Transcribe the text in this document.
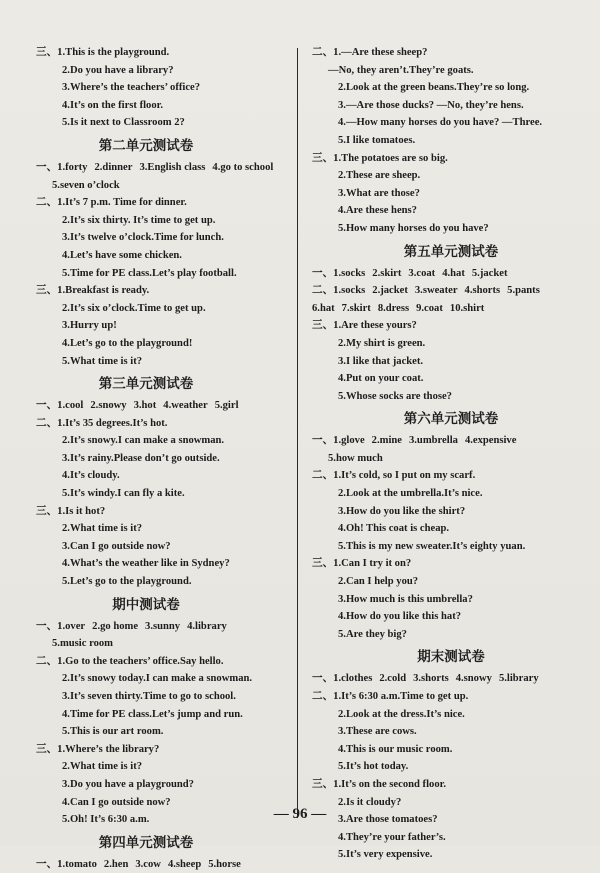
三、1.This is the playground.
2.Do you have a library?
3.Where’s the teachers’ office?
4.It’s on the first floor.
5.Is it next to Classroom 2?
第二单元测试卷
一、1.forty 2.dinner 3.English class 4.go to school
5.seven o’clock
二、1.It’s 7 p.m. Time for dinner.
2.It’s six thirty. It’s time to get up.
3.It’s twelve o’clock.Time for lunch.
4.Let’s have some chicken.
5.Time for PE class.Let’s play football.
三、1.Breakfast is ready.
2.It’s six o’clock.Time to get up.
3.Hurry up!
4.Let’s go to the playground!
5.What time is it?
第三单元测试卷
一、1.cool 2.snowy 3.hot 4.weather 5.girl
二、1.It’s 35 degrees.It’s hot.
2.It’s snowy.I can make a snowman.
3.It’s rainy.Please don’t go outside.
4.It’s cloudy.
5.It’s windy.I can fly a kite.
三、1.Is it hot?
2.What time is it?
3.Can I go outside now?
4.What’s the weather like in Sydney?
5.Let’s go to the playground.
期中测试卷
一、1.over 2.go home 3.sunny 4.library
5.music room
二、1.Go to the teachers’ office.Say hello.
2.It’s snowy today.I can make a snowman.
3.It’s seven thirty.Time to go to school.
4.Time for PE class.Let’s jump and run.
5.This is our art room.
三、1.Where’s the library?
2.What time is it?
3.Do you have a playground?
4.Can I go outside now?
5.Oh! It’s 6:30 a.m.
第四单元测试卷
一、1.tomato 2.hen 3.cow 4.sheep 5.horse
二、1.—Are these sheep?
—No, they aren’t.They’re goats.
2.Look at the green beans.They’re so long.
3.—Are those ducks? —No, they’re hens.
4.—How many horses do you have? —Three.
5.I like tomatoes.
三、1.The potatoes are so big.
2.These are sheep.
3.What are those?
4.Are these hens?
5.How many horses do you have?
第五单元测试卷
一、1.socks 2.skirt 3.coat 4.hat 5.jacket
二、1.socks 2.jacket 3.sweater 4.shorts 5.pants
6.hat 7.skirt 8.dress 9.coat 10.shirt
三、1.Are these yours?
2.My shirt is green.
3.I like that jacket.
4.Put on your coat.
5.Whose socks are those?
第六单元测试卷
一、1.glove 2.mine 3.umbrella 4.expensive
5.how much
二、1.It’s cold, so I put on my scarf.
2.Look at the umbrella.It’s nice.
3.How do you like the shirt?
4.Oh! This coat is cheap.
5.This is my new sweater.It’s eighty yuan.
三、1.Can I try it on?
2.Can I help you?
3.How much is this umbrella?
4.How do you like this hat?
5.Are they big?
期末测试卷
一、1.clothes 2.cold 3.shorts 4.snowy 5.library
二、1.It’s 6:30 a.m.Time to get up.
2.Look at the dress.It’s nice.
3.These are cows.
4.This is our music room.
5.It’s hot today.
三、1.It’s on the second floor.
2.Is it cloudy?
3.Are those tomatoes?
4.They’re your father’s.
5.It’s very expensive.
— 96 —
